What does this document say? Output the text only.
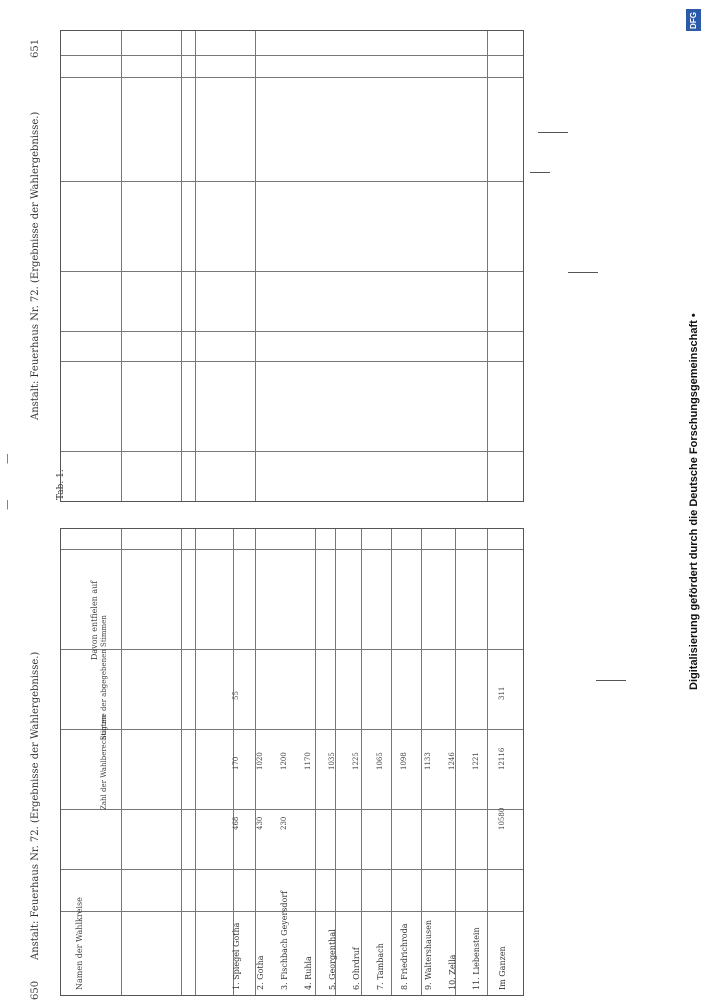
650
Anstalt: Feuerhaus Nr. 72. (Ergebnisse der Wahlergebnisse.)
651
Anstalt: Feuerhaus Nr. 72. (Ergebnisse der Wahlergebnisse.)
Tab. 1.
Namen der Wahlkreise
Zahl der Wahlberechtigten
Summe der abgegebenen Stimmen
Davon entfielen auf
1. Spiegel Gotha 2. Gotha 3. Fischbach Geyersdorf 4. Ruhla 5. Georgenthal 6. Ohrdruf 7. Tambach 8. Friedrichroda 9. Waltershausen 10. Zella 11. Liebenstein Im Ganzen
468
170
55
430
1020
230
1200 1170 1035 1225 1065 1098 1133 1246 1221
10580
12116
311
|
|
DFG
Digitalisierung gefördert durch die Deutsche Forschungsgemeinschaft •
